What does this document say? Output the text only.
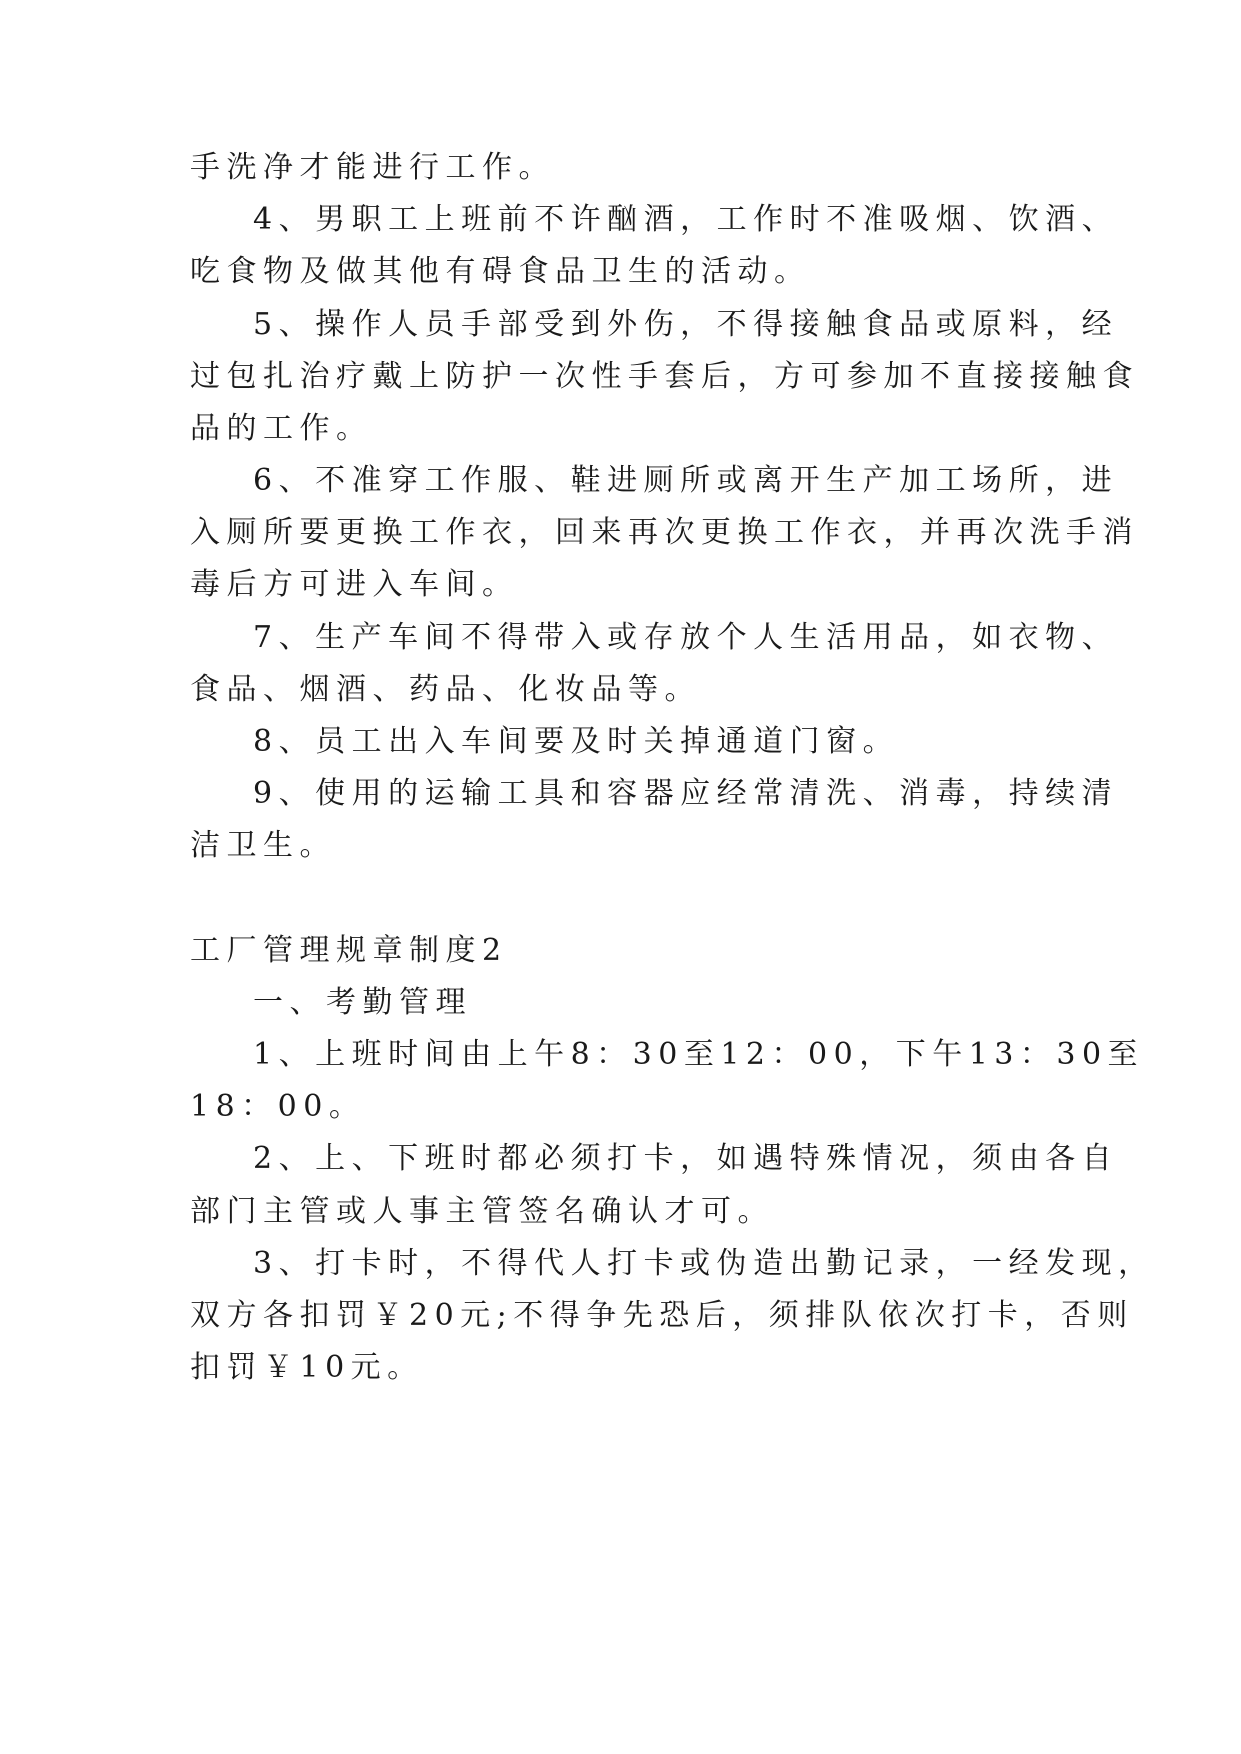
手洗净才能进行工作。
4、男职工上班前不许酗酒，工作时不准吸烟、饮酒、
吃食物及做其他有碍食品卫生的活动。
5、操作人员手部受到外伤，不得接触食品或原料，经
过包扎治疗戴上防护一次性手套后，方可参加不直接接触食
品的工作。
6、不准穿工作服、鞋进厕所或离开生产加工场所，进
入厕所要更换工作衣，回来再次更换工作衣，并再次洗手消
毒后方可进入车间。
7、生产车间不得带入或存放个人生活用品，如衣物、
食品、烟酒、药品、化妆品等。
8、员工出入车间要及时关掉通道门窗。
9、使用的运输工具和容器应经常清洗、消毒，持续清
洁卫生。
工厂管理规章制度2
一、考勤管理
1、上班时间由上午8：30至12：00，下午13：30至
18：00。
2、上、下班时都必须打卡，如遇特殊情况，须由各自
部门主管或人事主管签名确认才可。
3、打卡时，不得代人打卡或伪造出勤记录，一经发现，
双方各扣罚￥20元;不得争先恐后，须排队依次打卡，否则
扣罚￥10元。
